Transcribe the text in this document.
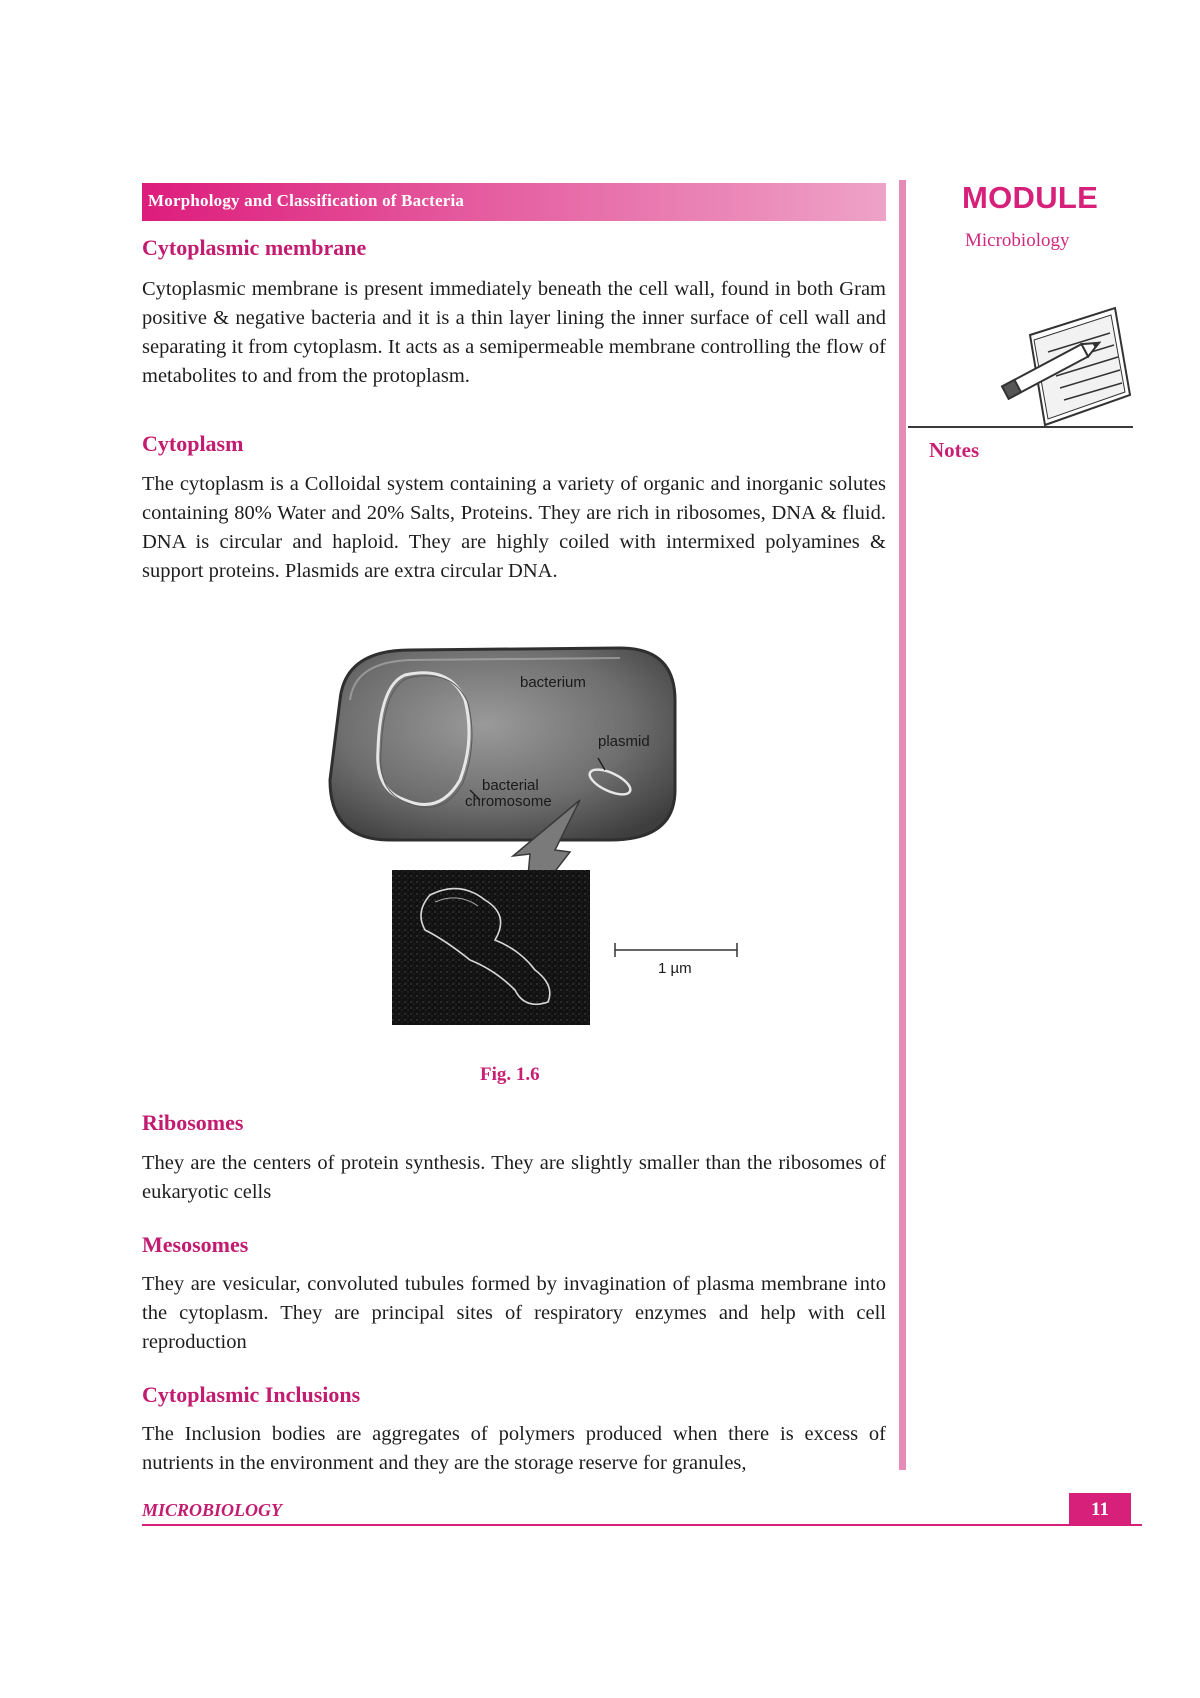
Morphology and Classification of Bacteria	MODULE
Microbiology
Notes
Cytoplasmic membrane
Cytoplasmic membrane is present immediately beneath the cell wall, found in both Gram positive & negative bacteria and it is a thin layer lining the inner surface of cell wall and separating it from cytoplasm. It acts as a semipermeable membrane controlling the flow of metabolites to and from the protoplasm.
Cytoplasm
The cytoplasm is a Colloidal system containing a variety of organic and inorganic solutes containing 80% Water and 20% Salts, Proteins. They are rich in ribosomes, DNA & fluid. DNA is circular and haploid. They are highly coiled with intermixed polyamines & support proteins. Plasmids are extra circular DNA.
bacterium
plasmid
bacterial
chromosome
1 µm
Fig. 1.6
Ribosomes
They are the centers of protein synthesis. They are slightly smaller than the ribosomes of eukaryotic cells
Mesosomes
They are vesicular, convoluted tubules formed by invagination of plasma membrane into the cytoplasm. They are principal sites of respiratory enzymes and help with cell reproduction
Cytoplasmic Inclusions
The Inclusion bodies are aggregates of polymers produced when there is excess of nutrients in the environment and they are the storage reserve for granules,
MICROBIOLOGY	11
